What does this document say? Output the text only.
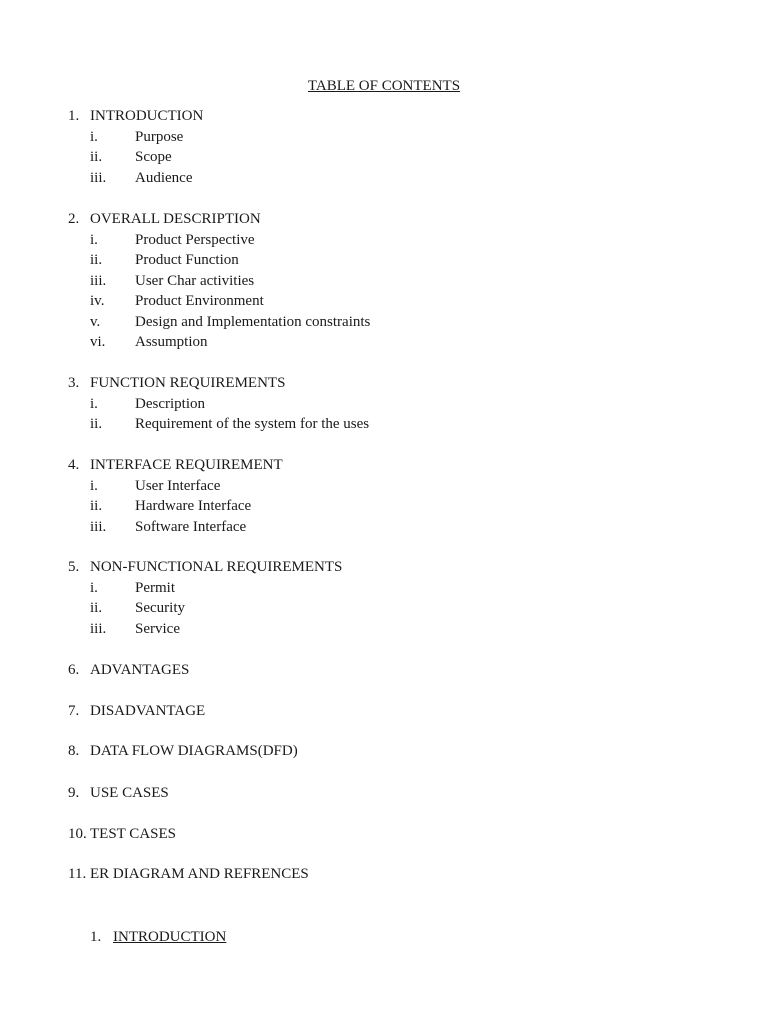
TABLE OF CONTENTS
1. INTRODUCTION
i. Purpose
ii. Scope
iii. Audience
2. OVERALL DESCRIPTION
i. Product Perspective
ii. Product Function
iii. User Char activities
iv. Product Environment
v. Design and Implementation constraints
vi. Assumption
3. FUNCTION REQUIREMENTS
i. Description
ii. Requirement of the system for the uses
4. INTERFACE REQUIREMENT
i. User Interface
ii. Hardware Interface
iii. Software Interface
5. NON-FUNCTIONAL REQUIREMENTS
i. Permit
ii. Security
iii. Service
6. ADVANTAGES
7. DISADVANTAGE
8. DATA FLOW DIAGRAMS(DFD)
9. USE CASES
10. TEST CASES
11. ER DIAGRAM AND REFRENCES
1. INTRODUCTION
